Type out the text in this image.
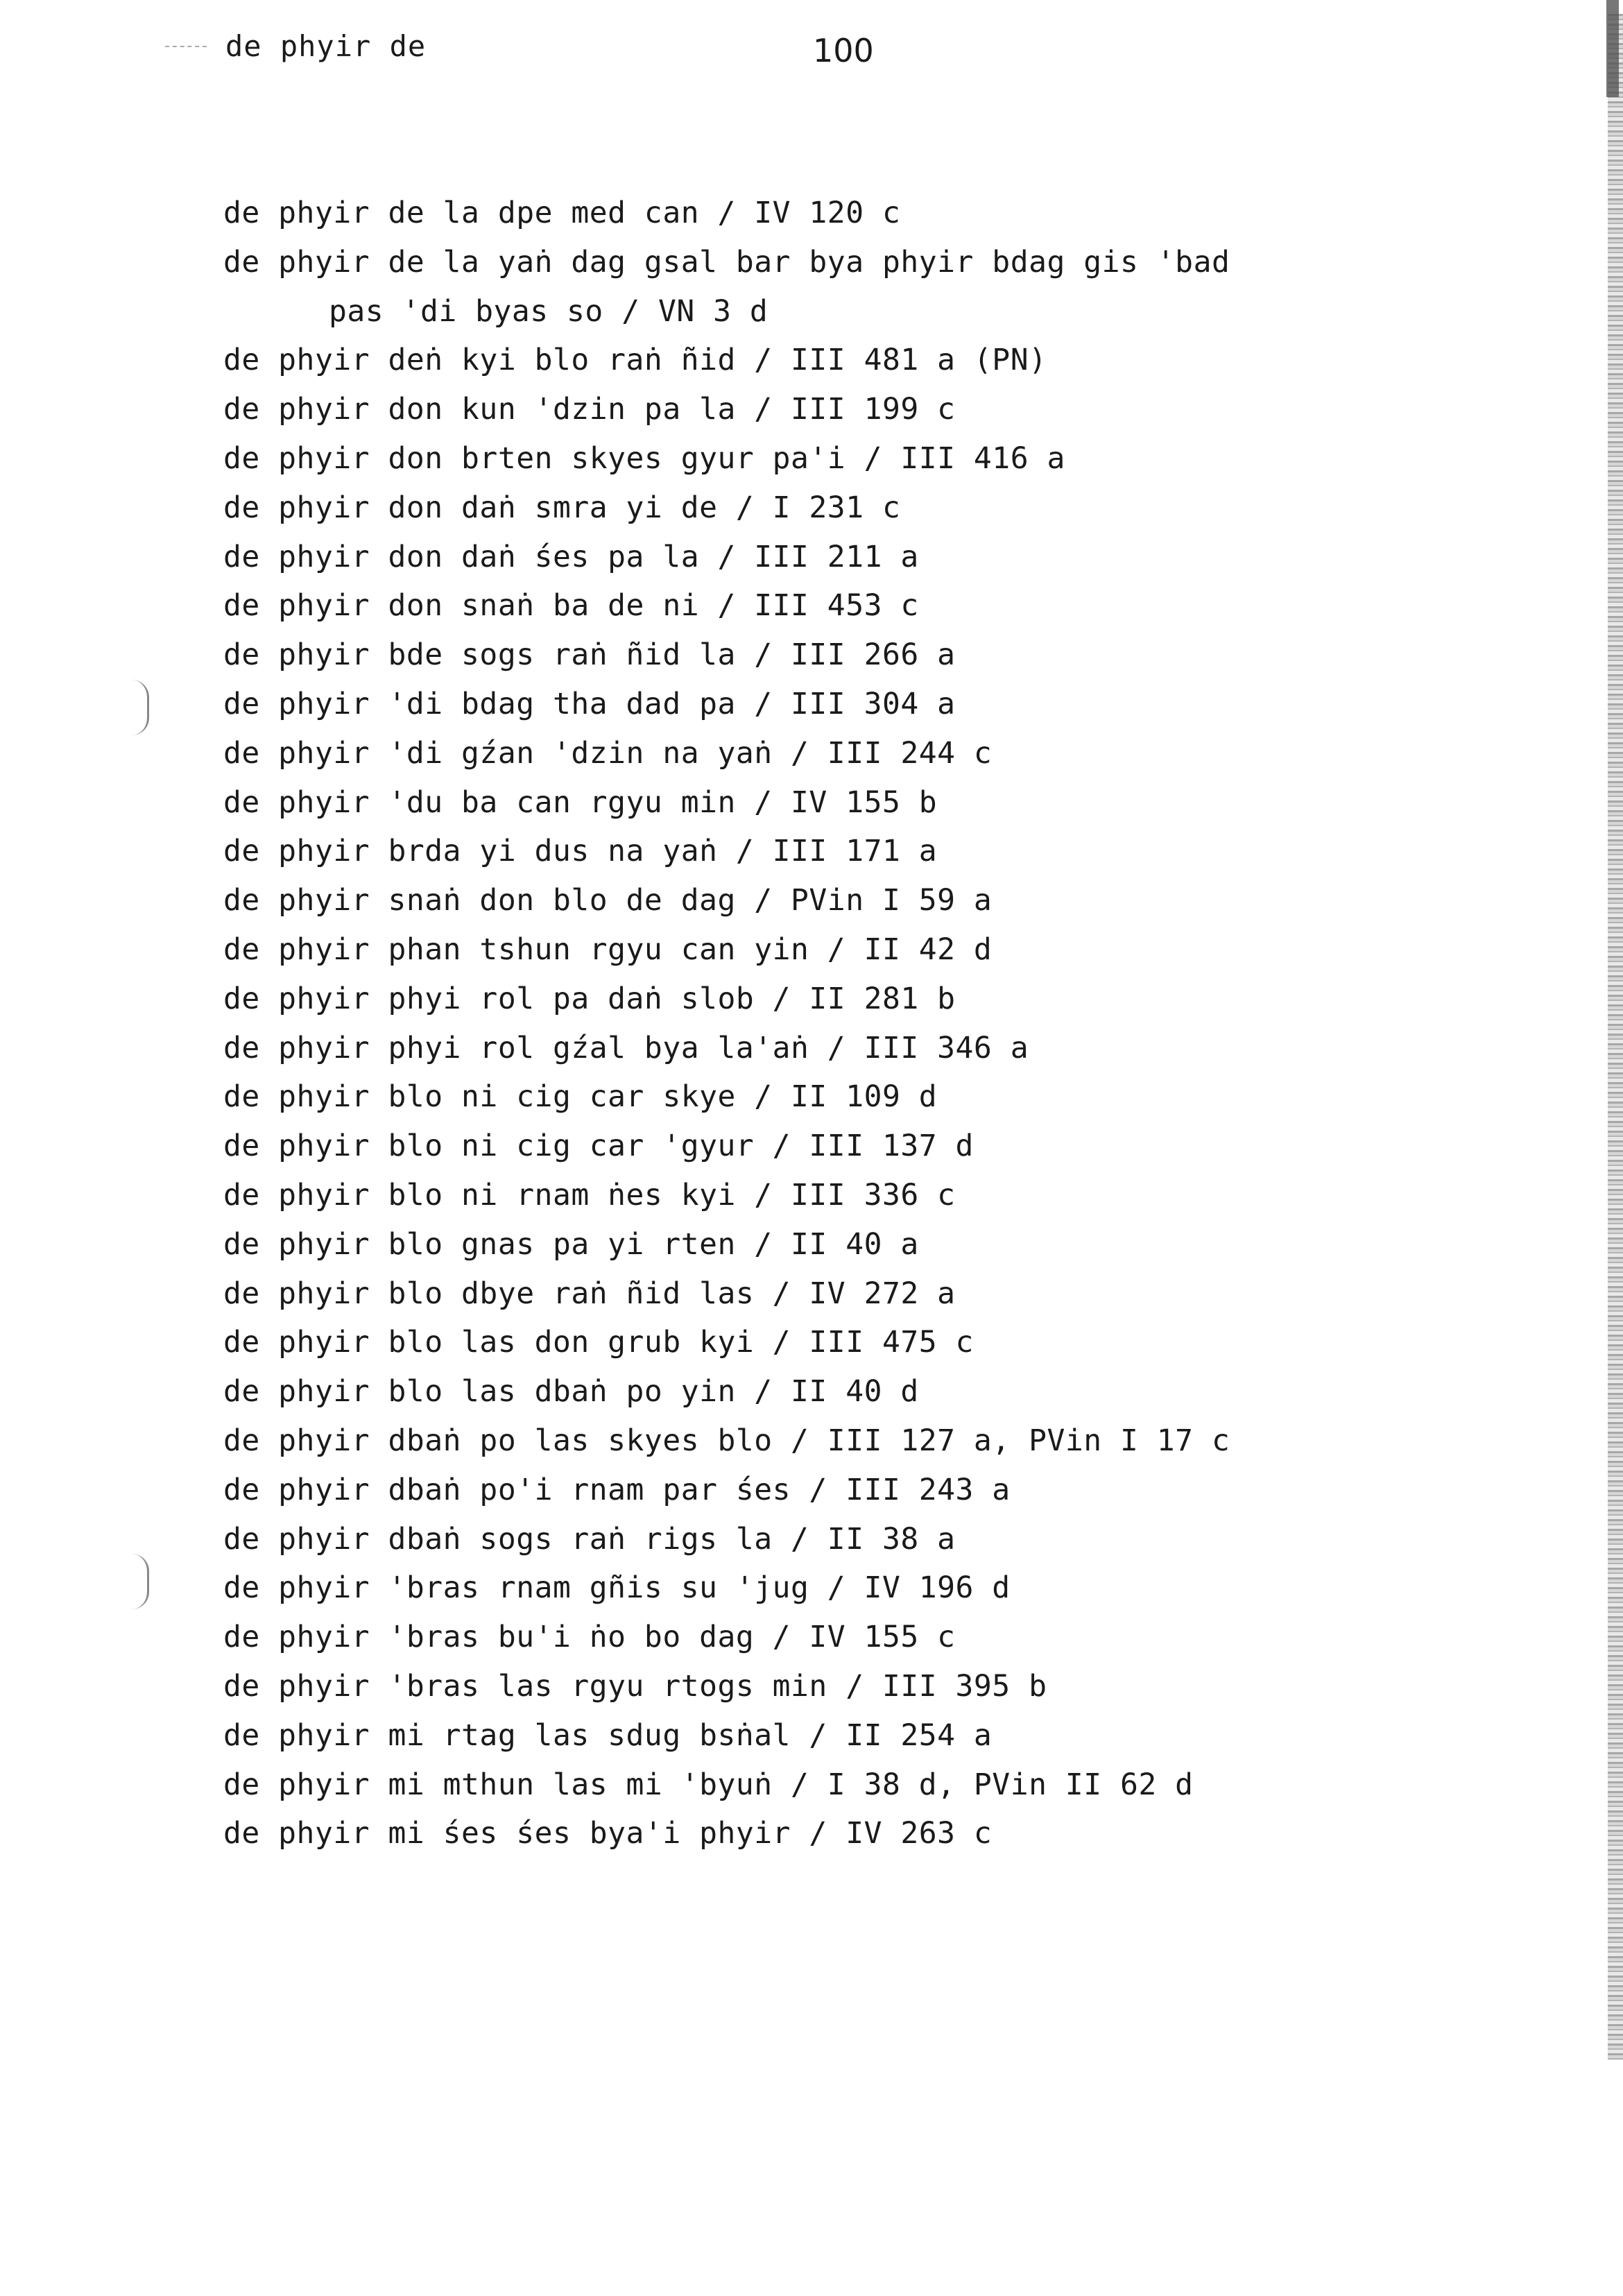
de phyir de	100
de phyir de la dpe med can / IV 120 c
de phyir de la yaṅ dag gsal bar bya phyir bdag gis 'bad
pas 'di byas so / VN 3 d
de phyir deṅ kyi blo raṅ ñid / III 481 a (PN)
de phyir don kun 'dzin pa la / III 199 c
de phyir don brten skyes gyur pa'i / III 416 a
de phyir don daṅ smra yi de / I 231 c
de phyir don daṅ śes pa la / III 211 a
de phyir don snaṅ ba de ni / III 453 c
de phyir bde sogs raṅ ñid la / III 266 a
de phyir 'di bdag tha dad pa / III 304 a
de phyir 'di gźan 'dzin na yaṅ / III 244 c
de phyir 'du ba can rgyu min / IV 155 b
de phyir brda yi dus na yaṅ / III 171 a
de phyir snaṅ don blo de dag / PVin I 59 a
de phyir phan tshun rgyu can yin / II 42 d
de phyir phyi rol pa daṅ slob / II 281 b
de phyir phyi rol gźal bya la'aṅ / III 346 a
de phyir blo ni cig car skye / II 109 d
de phyir blo ni cig car 'gyur / III 137 d
de phyir blo ni rnam ṅes kyi / III 336 c
de phyir blo gnas pa yi rten / II 40 a
de phyir blo dbye raṅ ñid las / IV 272 a
de phyir blo las don grub kyi / III 475 c
de phyir blo las dbaṅ po yin / II 40 d
de phyir dbaṅ po las skyes blo / III 127 a, PVin I 17 c
de phyir dbaṅ po'i rnam par śes / III 243 a
de phyir dbaṅ sogs raṅ rigs la / II 38 a
de phyir 'bras rnam gñis su 'jug / IV 196 d
de phyir 'bras bu'i ṅo bo dag / IV 155 c
de phyir 'bras las rgyu rtogs min / III 395 b
de phyir mi rtag las sdug bsṅal / II 254 a
de phyir mi mthun las mi 'byuṅ / I 38 d, PVin II 62 d
de phyir mi śes śes bya'i phyir / IV 263 c
